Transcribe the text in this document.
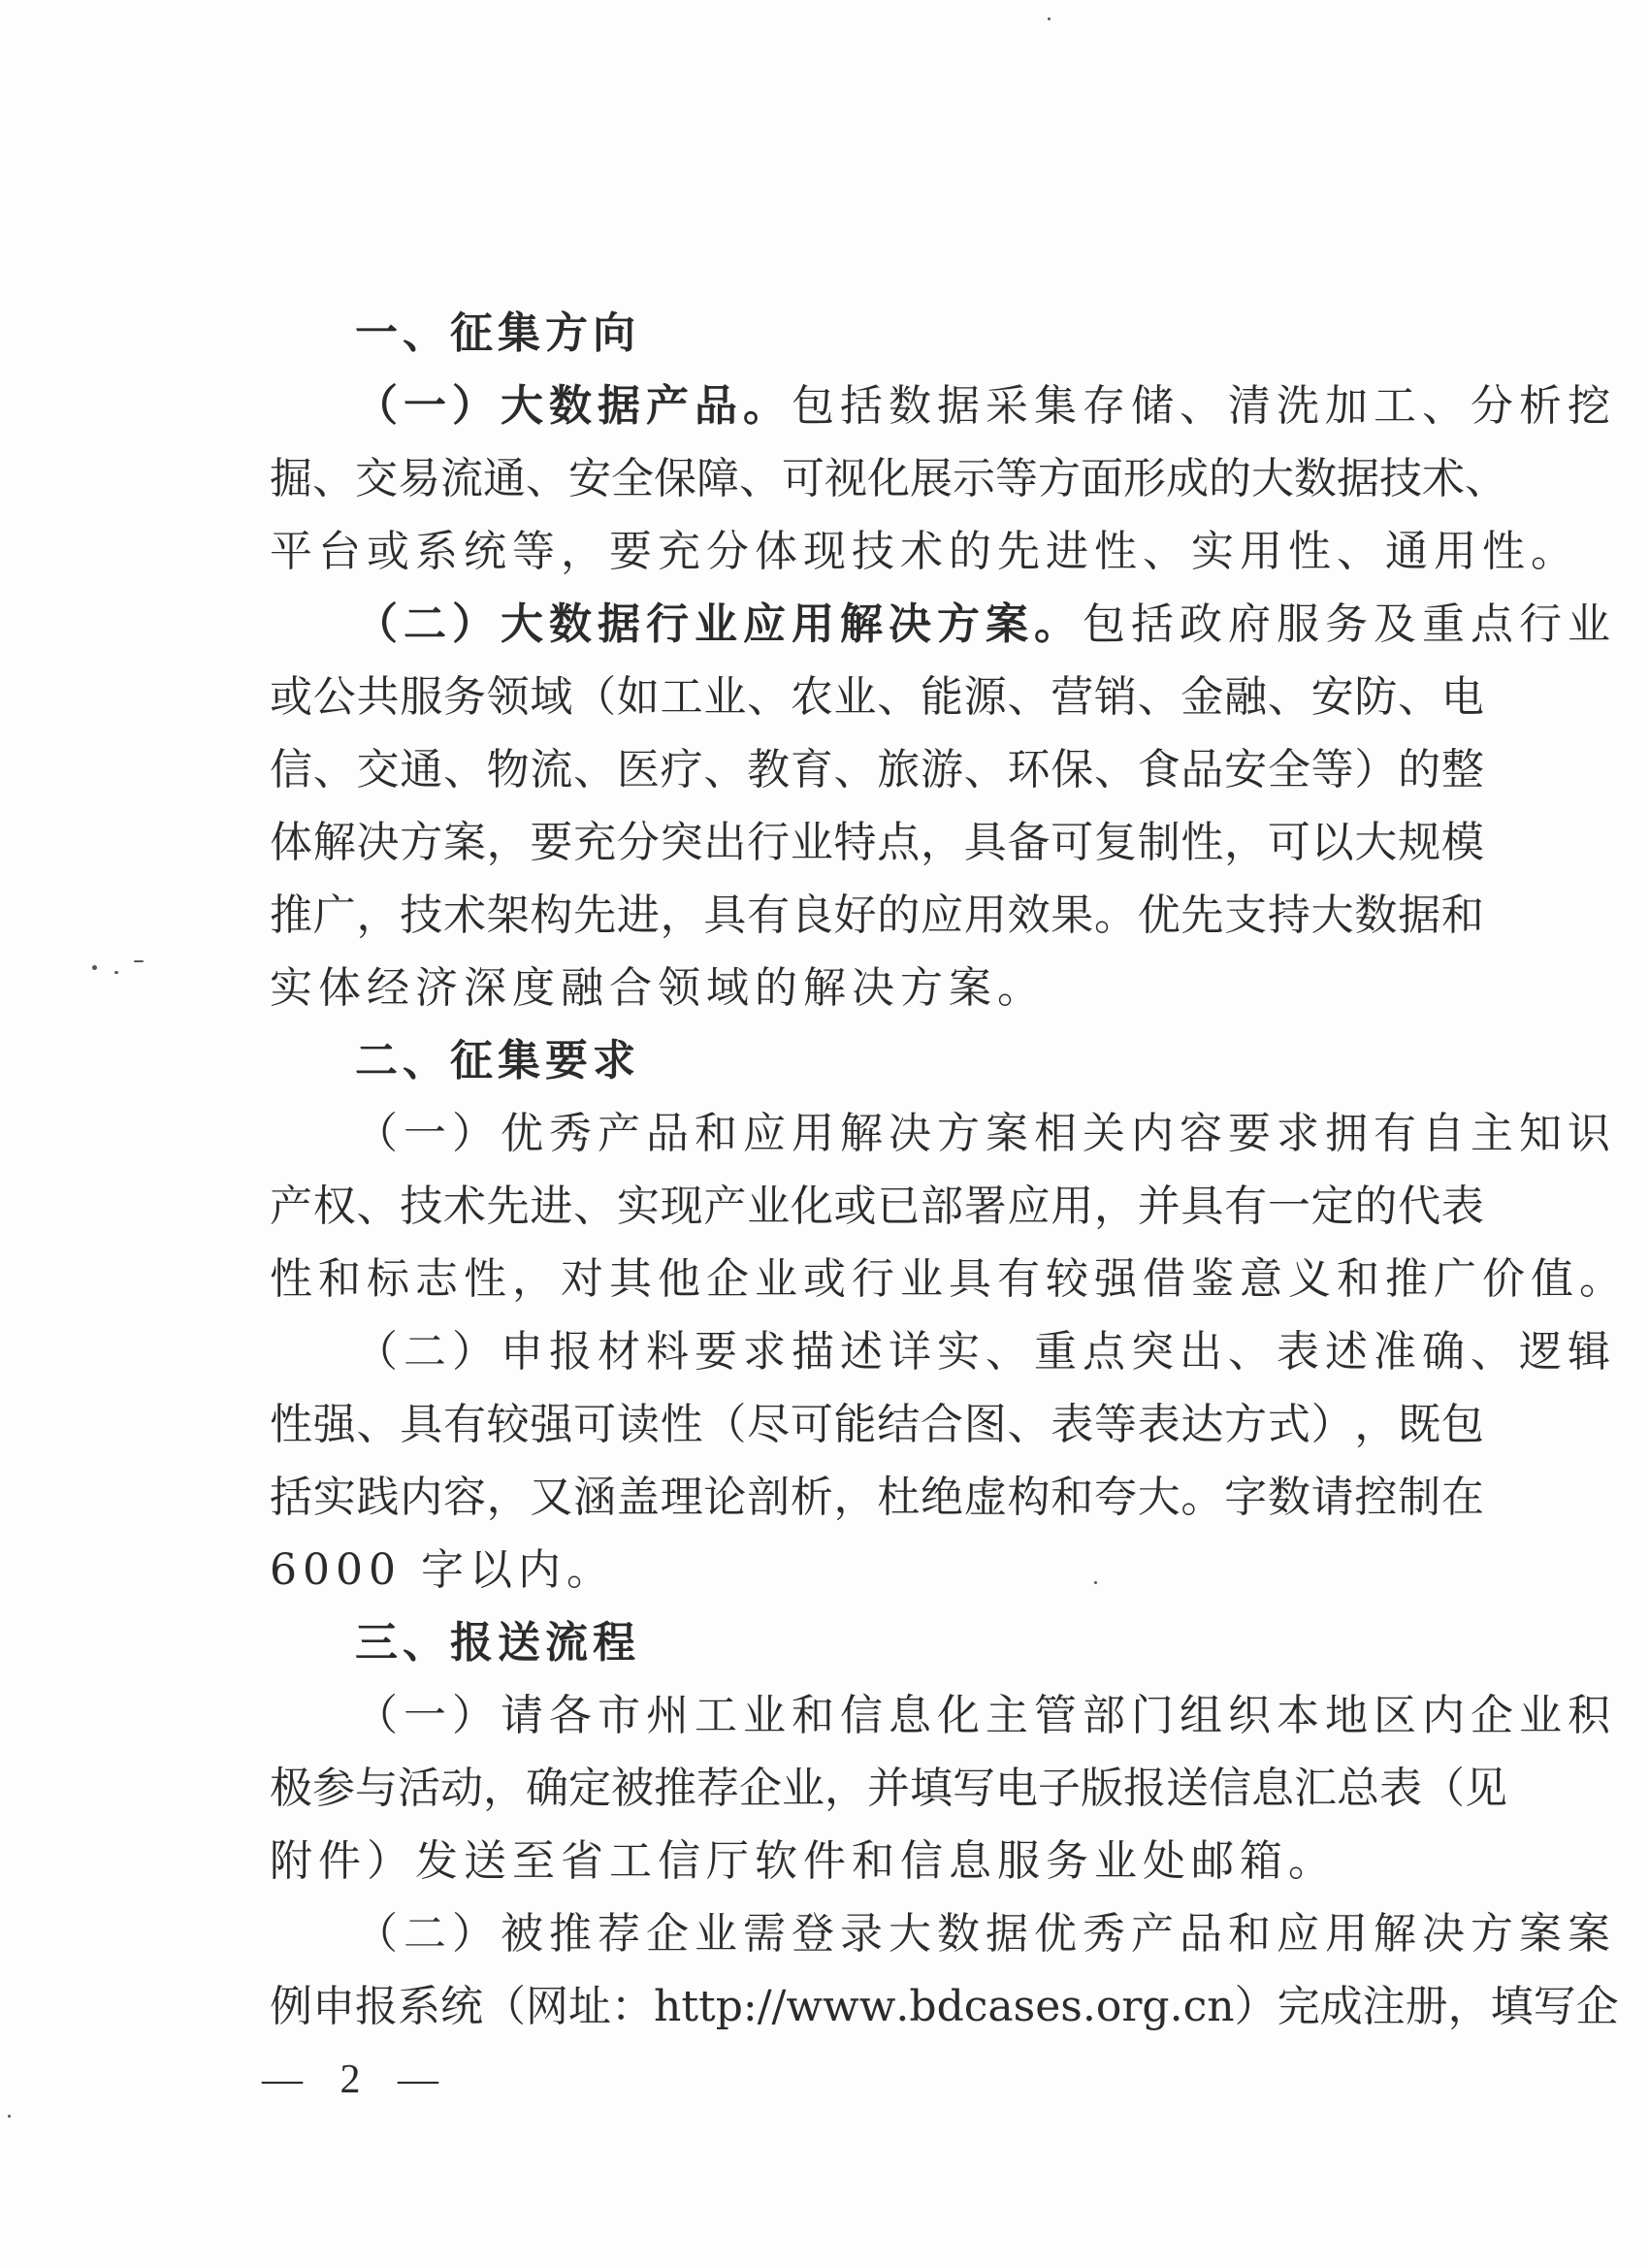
一、征集方向
（一）大数据产品。包括数据采集存储、清洗加工、分析挖
掘 、 交 易 流 通 、 安 全 保 障 、 可 视 化 展 示 等 方 面 形 成 的 大 数 据 技 术 、
平台或系统等，要充分体现技术的先进性、实用性、通用性。
（二）大数据行业应用解决方案。包括政府服务及重点行业
或 公 共 服 务 领 域 （ 如 工 业 、 农 业 、 能 源 、 营 销 、 金 融 、 安 防 、 电
信 、 交 通 、 物 流 、 医 疗 、 教 育 、 旅 游 、 环 保 、 食 品 安 全 等 ） 的 整
体 解 决 方 案 ， 要 充 分 突 出 行 业 特 点 ， 具 备 可 复 制 性 ， 可 以 大 规 模
推 广 ， 技 术 架 构 先 进 ， 具 有 良 好 的 应 用 效 果 。 优 先 支 持 大 数 据 和
实体经济深度融合领域的解决方案。
二、征集要求
（一）优秀产品和应用解决方案相关内容要求拥有自主知识
产 权 、 技 术 先 进 、 实 现 产 业 化 或 已 部 署 应 用 ， 并 具 有 一 定 的 代 表
性和标志性，对其他企业或行业具有较强借鉴意义和推广价值。
（二）申报材料要求描述详实、重点突出、表述准确、逻辑
性 强 、 具 有 较 强 可 读 性 （ 尽 可 能 结 合 图 、 表 等 表 达 方 式 ） ， 既 包
括 实 践 内 容 ， 又 涵 盖 理 论 剖 析 ， 杜 绝 虚 构 和 夸 大 。 字 数 请 控 制 在
6000 字以内。
三、报送流程
（一）请各市州工业和信息化主管部门组织本地区内企业积
极 参 与 活 动 ， 确 定 被 推 荐 企 业 ， 并 填 写 电 子 版 报 送 信 息 汇 总 表 （ 见
附件）发送至省工信厅软件和信息服务业处邮箱。
（二）被推荐企业需登录大数据优秀产品和应用解决方案案
例 申 报 系 统 （ 网 址 ： h t t p : / / w w w . b d c a s e s . o r g . c n ） 完 成 注 册 ， 填 写 企
— 2 —
